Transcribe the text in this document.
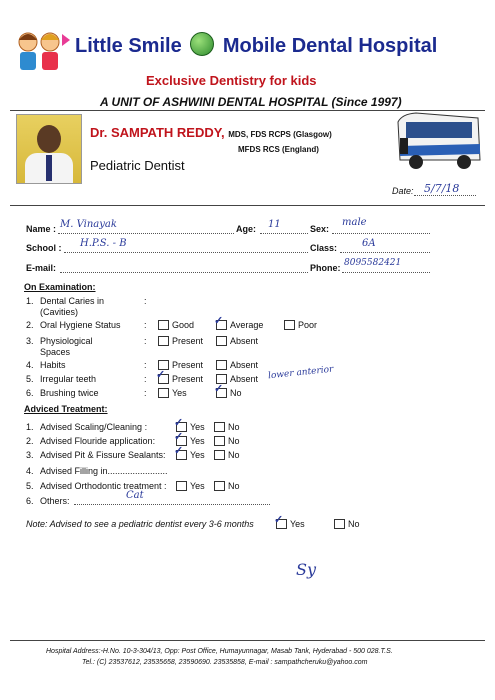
Little Smile Mobile Dental Hospital
Exclusive Dentistry for kids
A UNIT OF ASHWINI DENTAL HOSPITAL (Since 1997)
Dr. SAMPATH REDDY, MDS, FDS RCPS (Glasgow)
MFDS RCS (England)
Pediatric Dentist
Date: 5/7/18
Name : M. Vinayak	Age: 11	Sex:
male
School : H.P.S. - B	Class: 6A
E-mail:	Phone: 8095582421
On Examination:
1. Dental Caries in
(Cavities)
:
2. Oral Hygiene Status	:	Good ✓ Average	Poor
3. Physiological
Spaces
:	Present	Absent
4. Habits	:	Present	Absent
5. Irregular teeth	: ✓ Present	Absent lower anterior
6. Brushing twice	:	Yes ✓ No
Adviced Treatment:
1. Advised Scaling/Cleaning : ✓ Yes	No
2. Advised Flouride application: ✓ Yes	No
3. Advised Pit & Fissure Sealants: ✓ Yes	No
4. Advised Filling in........................
5. Advised Orthodontic treatment :	Yes	No
6. Others:	Cat
Note: Advised to see a pediatric dentist every 3-6 months ✓ Yes	No
Sy
Hospital Address:-H.No. 10-3-304/13, Opp: Post Office, Humayunnagar, Masab Tank, Hyderabad - 500 028.T.S.
Tel.: (C) 23537612, 23535658, 23590690. 23535858, E-mail : sampathcheruku@yahoo.com
